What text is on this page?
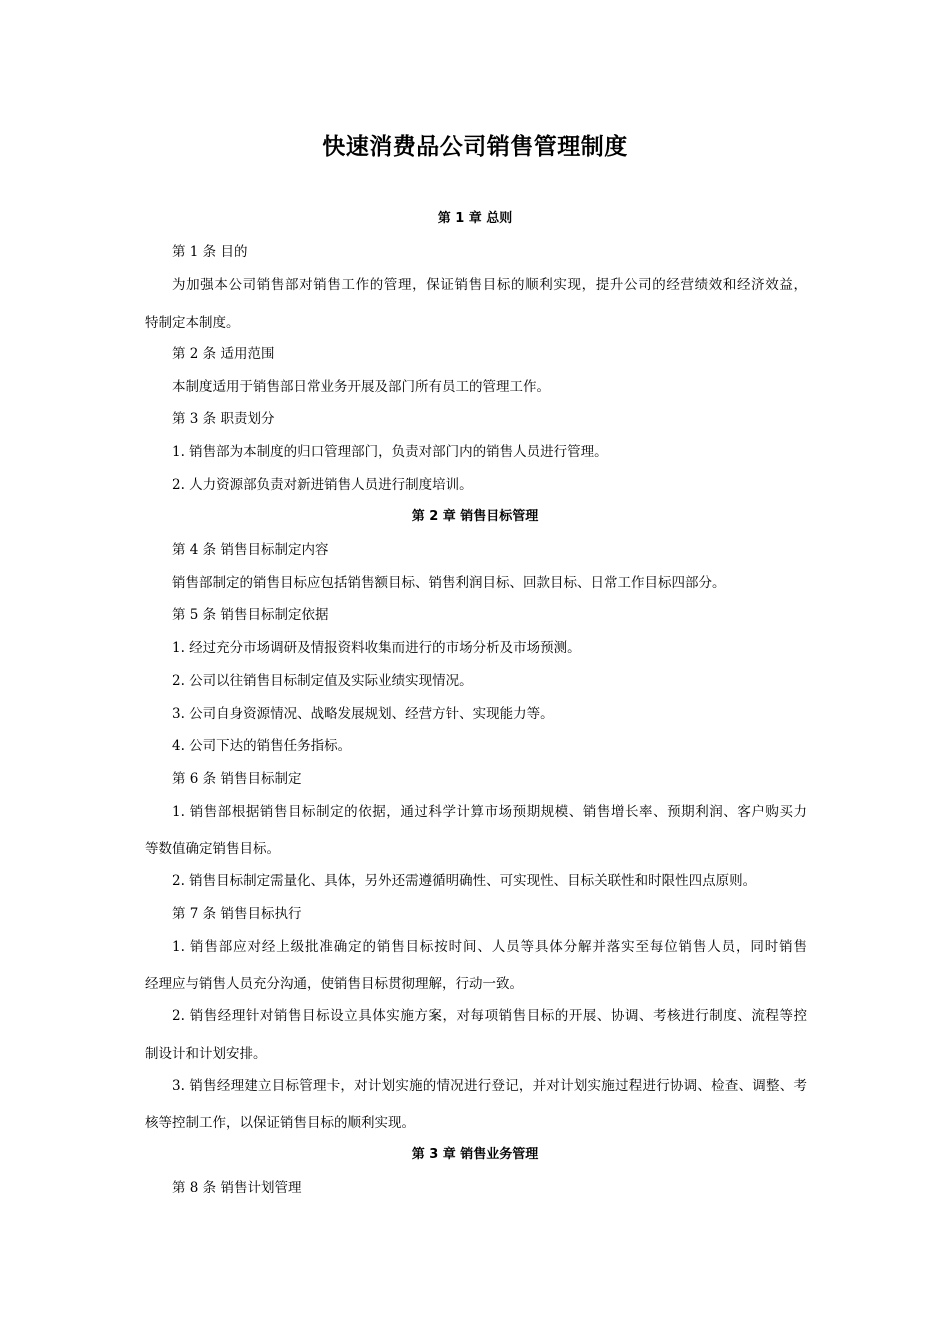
快速消费品公司销售管理制度
第 1 章 总则
第 1 条 目的
为加强本公司销售部对销售工作的管理，保证销售目标的顺利实现，提升公司的经营绩效和经济效益，
特制定本制度。
第 2 条 适用范围
本制度适用于销售部日常业务开展及部门所有员工的管理工作。
第 3 条 职责划分
1. 销售部为本制度的归口管理部门，负责对部门内的销售人员进行管理。
2. 人力资源部负责对新进销售人员进行制度培训。
第 2 章 销售目标管理
第 4 条 销售目标制定内容
销售部制定的销售目标应包括销售额目标、销售利润目标、回款目标、日常工作目标四部分。
第 5 条 销售目标制定依据
1. 经过充分市场调研及情报资料收集而进行的市场分析及市场预测。
2. 公司以往销售目标制定值及实际业绩实现情况。
3. 公司自身资源情况、战略发展规划、经营方针、实现能力等。
4. 公司下达的销售任务指标。
第 6 条 销售目标制定
1. 销售部根据销售目标制定的依据，通过科学计算市场预期规模、销售增长率、预期利润、客户购买力
等数值确定销售目标。
2. 销售目标制定需量化、具体，另外还需遵循明确性、可实现性、目标关联性和时限性四点原则。
第 7 条 销售目标执行
1. 销售部应对经上级批准确定的销售目标按时间、人员等具体分解并落实至每位销售人员，同时销售
经理应与销售人员充分沟通，使销售目标贯彻理解，行动一致。
2. 销售经理针对销售目标设立具体实施方案，对每项销售目标的开展、协调、考核进行制度、流程等控
制设计和计划安排。
3. 销售经理建立目标管理卡，对计划实施的情况进行登记，并对计划实施过程进行协调、检查、调整、考
核等控制工作，以保证销售目标的顺利实现。
第 3 章 销售业务管理
第 8 条 销售计划管理
